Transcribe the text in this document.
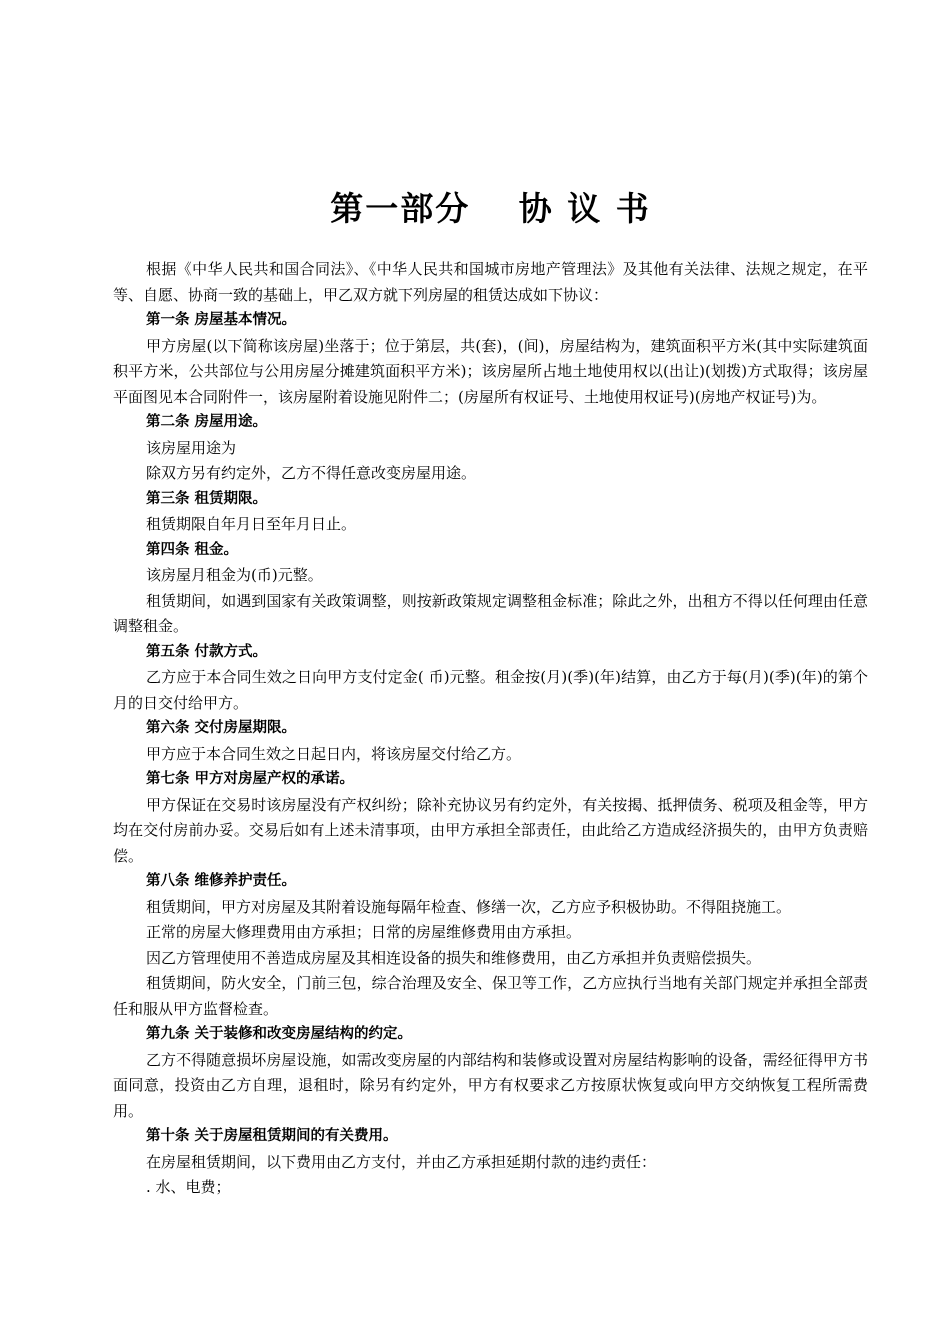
第一部分　 协 议 书

根据《中华人民共和国合同法》、《中华人民共和国城市房地产管理法》及其他有关法律、法规之规定，在平等、自愿、协商一致的基础上，甲乙双方就下列房屋的租赁达成如下协议：

第一条 房屋基本情况。

甲方房屋(以下简称该房屋)坐落于；位于第层，共(套)，(间)，房屋结构为，建筑面积平方米(其中实际建筑面积平方米，公共部位与公用房屋分摊建筑面积平方米)；该房屋所占地土地使用权以(出让)(划拨)方式取得；该房屋平面图见本合同附件一，该房屋附着设施见附件二；(房屋所有权证号、土地使用权证号)(房地产权证号)为。

第二条 房屋用途。

该房屋用途为

除双方另有约定外，乙方不得任意改变房屋用途。

第三条 租赁期限。

租赁期限自年月日至年月日止。

第四条 租金。

该房屋月租金为(币)元整。

租赁期间，如遇到国家有关政策调整，则按新政策规定调整租金标准；除此之外，出租方不得以任何理由任意调整租金。

第五条 付款方式。

乙方应于本合同生效之日向甲方支付定金( 币)元整。租金按(月)(季)(年)结算，由乙方于每(月)(季)(年)的第个月的日交付给甲方。

第六条 交付房屋期限。

甲方应于本合同生效之日起日内，将该房屋交付给乙方。

第七条 甲方对房屋产权的承诺。

甲方保证在交易时该房屋没有产权纠纷；除补充协议另有约定外，有关按揭、抵押债务、税项及租金等，甲方均在交付房前办妥。交易后如有上述未清事项，由甲方承担全部责任，由此给乙方造成经济损失的，由甲方负责赔偿。

第八条 维修养护责任。

租赁期间，甲方对房屋及其附着设施每隔年检查、修缮一次，乙方应予积极协助。不得阻挠施工。

正常的房屋大修理费用由方承担；日常的房屋维修费用由方承担。

因乙方管理使用不善造成房屋及其相连设备的损失和维修费用，由乙方承担并负责赔偿损失。

租赁期间，防火安全，门前三包，综合治理及安全、保卫等工作，乙方应执行当地有关部门规定并承担全部责任和服从甲方监督检查。

第九条 关于装修和改变房屋结构的约定。

乙方不得随意损坏房屋设施，如需改变房屋的内部结构和装修或设置对房屋结构影响的设备，需经征得甲方书面同意，投资由乙方自理，退租时，除另有约定外，甲方有权要求乙方按原状恢复或向甲方交纳恢复工程所需费用。

第十条 关于房屋租赁期间的有关费用。

在房屋租赁期间，以下费用由乙方支付，并由乙方承担延期付款的违约责任：

. 水、电费；
